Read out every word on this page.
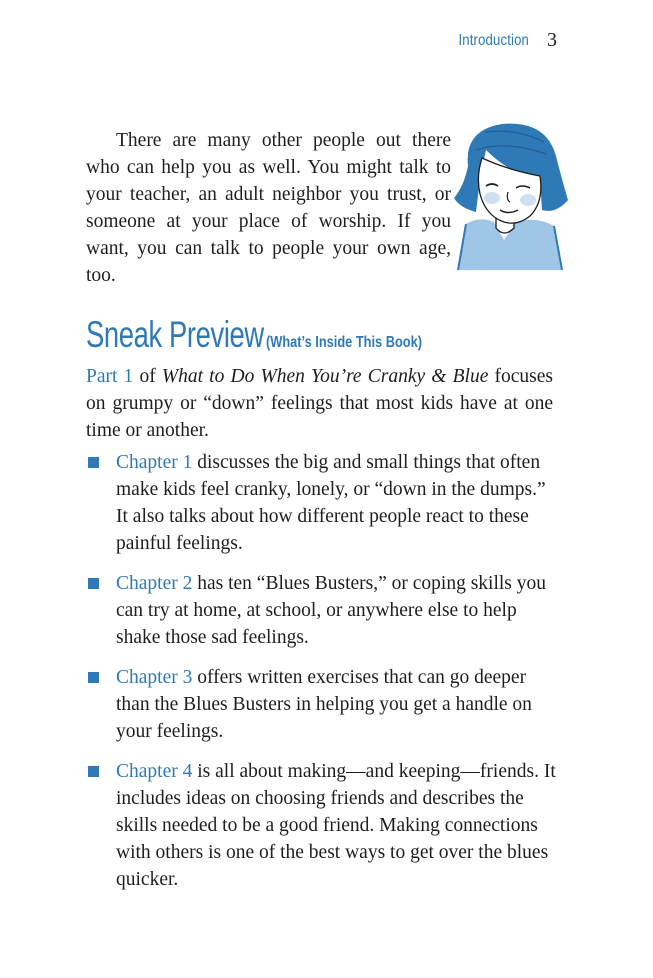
Introduction 3

There are many other people out there who can help you as well. You might talk to your teacher, an adult neighbor you trust, or someone at your place of worship. If you want, you can talk to people your own age, too.

Sneak Preview (What’s Inside This Book)

Part 1 of What to Do When You’re Cranky & Blue focuses on grumpy or “down” feelings that most kids have at one time or another.

Chapter 1 discusses the big and small things that often make kids feel cranky, lonely, or “down in the dumps.” It also talks about how different people react to these painful feelings.
Chapter 2 has ten “Blues Busters,” or coping skills you can try at home, at school, or anywhere else to help shake those sad feelings.
Chapter 3 offers written exercises that can go deeper than the Blues Busters in helping you get a handle on your feelings.
Chapter 4 is all about making—and keeping—friends. It includes ideas on choosing friends and describes the skills needed to be a good friend. Making connections with others is one of the best ways to get over the blues quicker.
